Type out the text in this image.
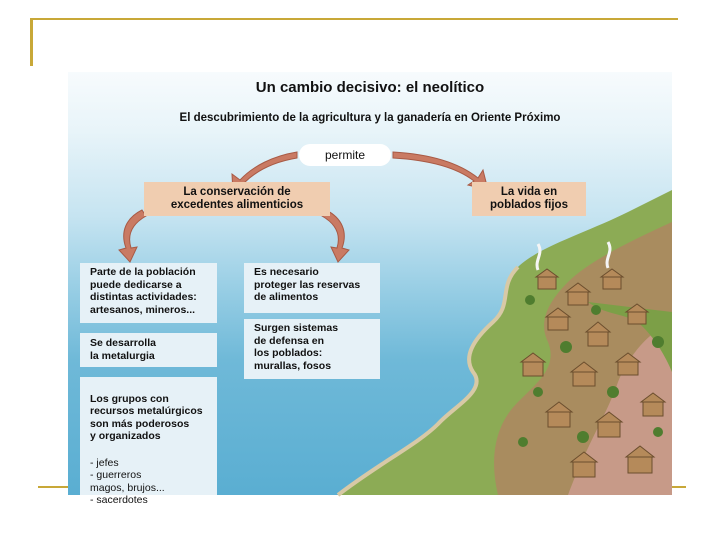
Un cambio decisivo: el neolítico
El descubrimiento de la agricultura y la ganadería en Oriente Próximo
permite
La conservación de
excedentes alimenticios
La vida en
poblados fijos
Parte de la población
puede dedicarse a
distintas actividades:
artesanos, mineros...
Se desarrolla
la metalurgia

Los grupos con
recursos metalúrgicos
son más poderosos
y organizados

- jefes
- guerreros
magos, brujos...
- sacerdotes

Es necesario
proteger las reservas
de alimentos
Surgen sistemas
de defensa en
los poblados:
murallas, fosos
